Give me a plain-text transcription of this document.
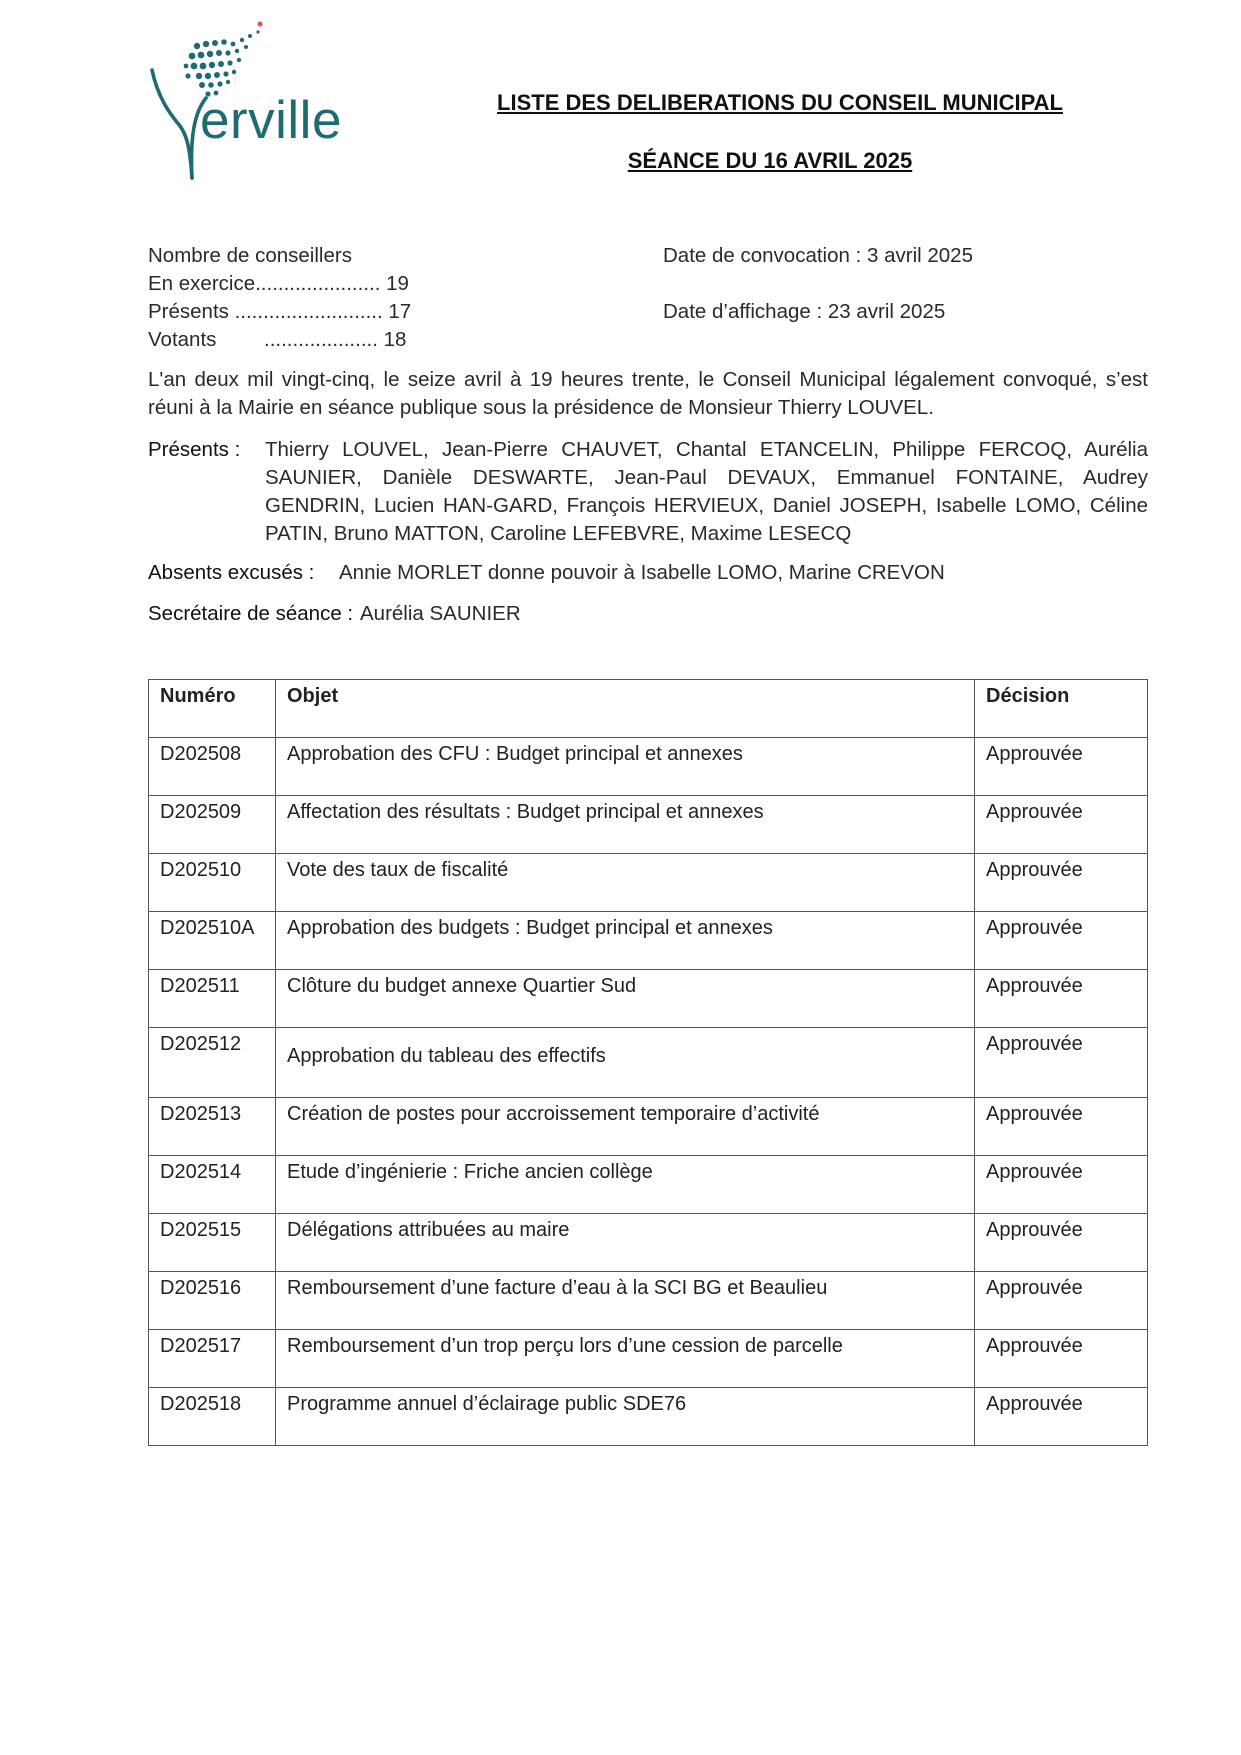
erville	LISTE DES DELIBERATIONS DU CONSEIL MUNICIPAL
SÉANCE DU 16 AVRIL 2025
Nombre de conseillers
En exercice...................... 19
Présents .......................... 17
Votants .................... 18
Date de convocation : 3 avril 2025
Date d’affichage : 23 avril 2025
L'an deux mil vingt-cinq, le seize avril à 19 heures trente, le Conseil Municipal légalement convoqué, s’est réuni à la Mairie en séance publique sous la présidence de Monsieur Thierry LOUVEL.
Présents : Thierry LOUVEL, Jean-Pierre CHAUVET, Chantal ETANCELIN, Philippe FERCOQ, Aurélia SAUNIER, Danièle DESWARTE, Jean-Paul DEVAUX, Emmanuel FONTAINE, Audrey GENDRIN, Lucien HAN-GARD, François HERVIEUX, Daniel JOSEPH, Isabelle LOMO, Céline PATIN, Bruno MATTON, Caroline LEFEBVRE, Maxime LESECQ
Absents excusés : Annie MORLET donne pouvoir à Isabelle LOMO, Marine CREVON
Secrétaire de séance : Aurélia SAUNIER
Numéro	Objet	Décision
D202508	Approbation des CFU : Budget principal et annexes	Approuvée
D202509	Affectation des résultats : Budget principal et annexes	Approuvée
D202510	Vote des taux de fiscalité	Approuvée
D202510A	Approbation des budgets : Budget principal et annexes	Approuvée
D202511	Clôture du budget annexe Quartier Sud	Approuvée
D202512	Approbation du tableau des effectifs	Approuvée
D202513	Création de postes pour accroissement temporaire d’activité	Approuvée
D202514	Etude d’ingénierie : Friche ancien collège	Approuvée
D202515	Délégations attribuées au maire	Approuvée
D202516	Remboursement d’une facture d’eau à la SCI BG et Beaulieu	Approuvée
D202517	Remboursement d’un trop perçu lors d’une cession de parcelle	Approuvée
D202518	Programme annuel d’éclairage public SDE76	Approuvée
